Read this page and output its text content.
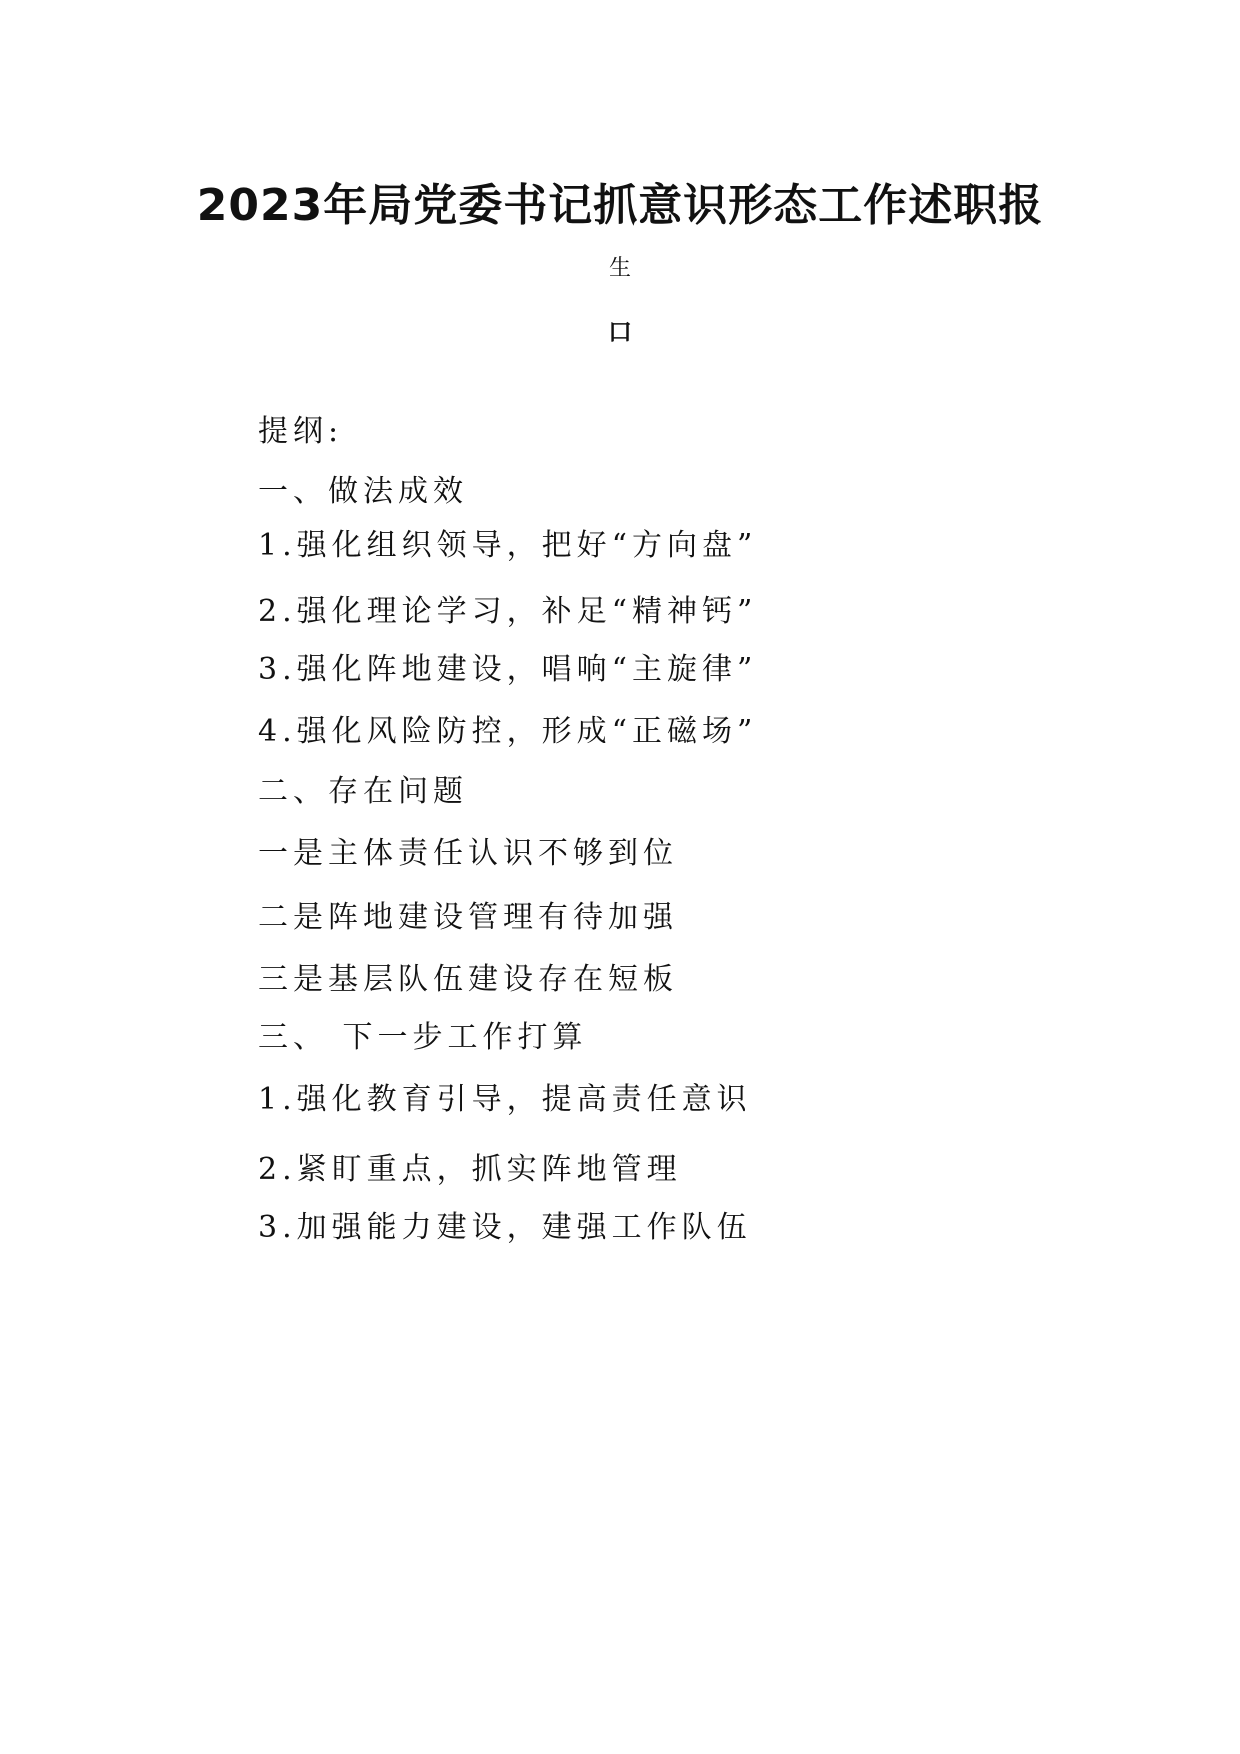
2023年局党委书记抓意识形态工作述职报
生
口
提纲:
一、做法成效
1.强化组织领导，把好“方向盘”
2.强化理论学习，补足“精神钙”
3.强化阵地建设，唱响“主旋律”
4.强化风险防控，形成“正磁场”
二、存在问题
一是主体责任认识不够到位
二是阵地建设管理有待加强
三是基层队伍建设存在短板
三、 下一步工作打算
1.强化教育引导，提高责任意识
2.紧盯重点，抓实阵地管理
3.加强能力建设，建强工作队伍
